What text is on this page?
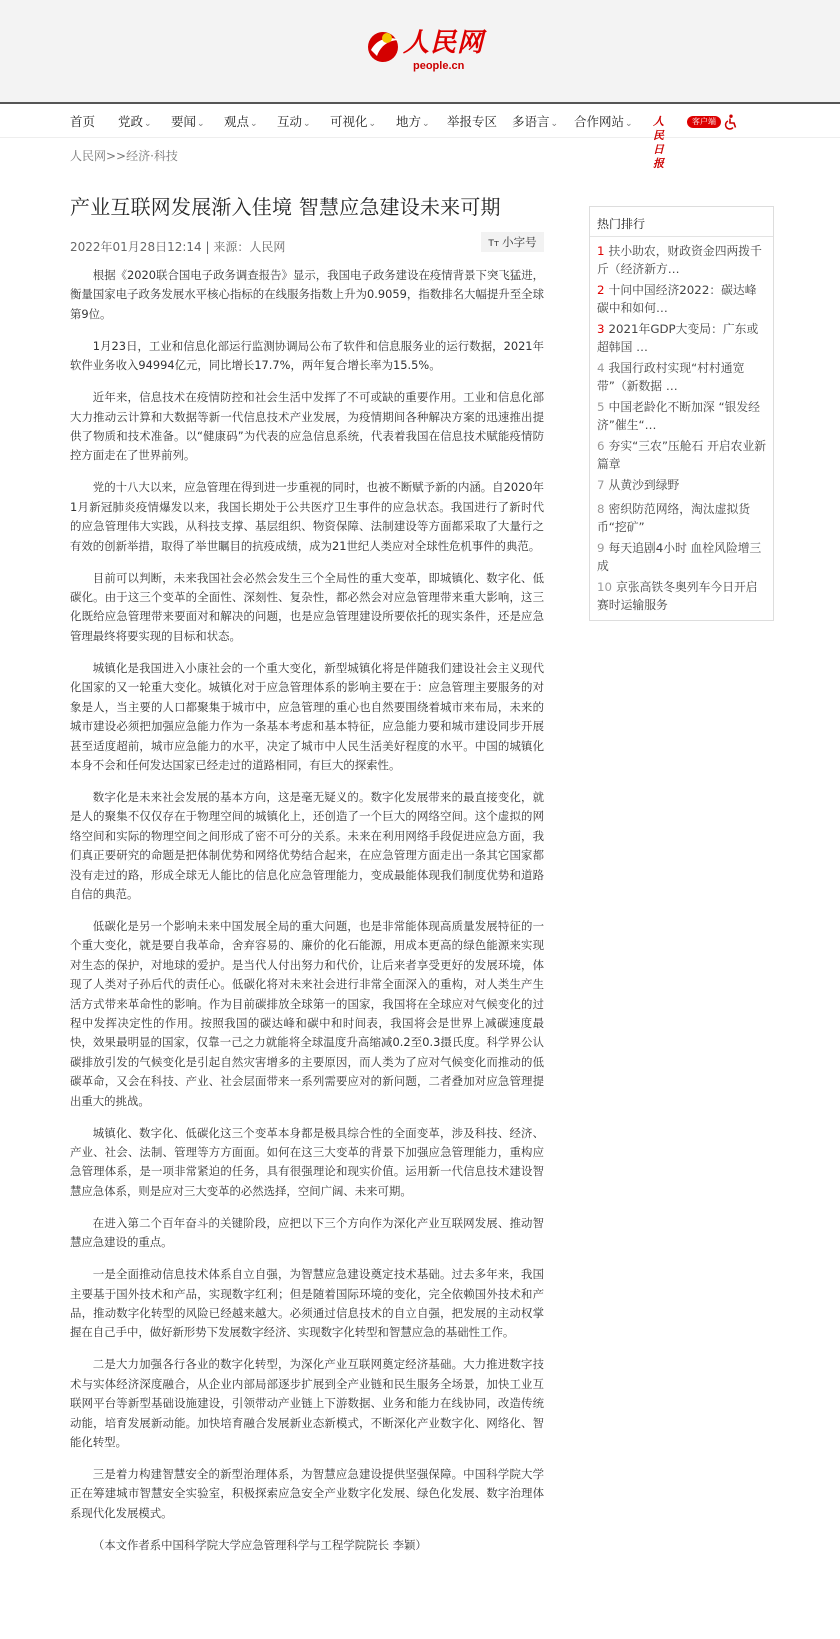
人民网
people.cn
首页 党政⌄ 要闻⌄ 观点⌄ 互动⌄ 可视化⌄ 地方⌄ 举报专区 多语言⌄ 合作网站⌄ 人民日报
客户端
人民网>>经济·科技
产业互联网发展渐入佳境 智慧应急建设未来可期
2022年01月28日12:14 | 来源：人民网	Tт 小字号

根据《2020联合国电子政务调查报告》显示，我国电子政务建设在疫情背景下突飞猛进，衡量国家电子政务发展水平核心指标的在线服务指数上升为0.9059，指数排名大幅提升至全球第9位。

1月23日，工业和信息化部运行监测协调局公布了软件和信息服务业的运行数据，2021年软件业务收入94994亿元，同比增长17.7%，两年复合增长率为15.5%。

近年来，信息技术在疫情防控和社会生活中发挥了不可或缺的重要作用。工业和信息化部大力推动云计算和大数据等新一代信息技术产业发展，为疫情期间各种解决方案的迅速推出提供了物质和技术准备。以“健康码”为代表的应急信息系统，代表着我国在信息技术赋能疫情防控方面走在了世界前列。

党的十八大以来，应急管理在得到进一步重视的同时，也被不断赋予新的内涵。自2020年1月新冠肺炎疫情爆发以来，我国长期处于公共医疗卫生事件的应急状态。我国进行了新时代的应急管理伟大实践，从科技支撑、基层组织、物资保障、法制建设等方面都采取了大量行之有效的创新举措，取得了举世瞩目的抗疫成绩，成为21世纪人类应对全球性危机事件的典范。

目前可以判断，未来我国社会必然会发生三个全局性的重大变革，即城镇化、数字化、低碳化。由于这三个变革的全面性、深刻性、复杂性，都必然会对应急管理带来重大影响，这三化既给应急管理带来要面对和解决的问题，也是应急管理建设所要依托的现实条件，还是应急管理最终将要实现的目标和状态。

城镇化是我国进入小康社会的一个重大变化，新型城镇化将是伴随我们建设社会主义现代化国家的又一轮重大变化。城镇化对于应急管理体系的影响主要在于：应急管理主要服务的对象是人，当主要的人口都聚集于城市中，应急管理的重心也自然要围绕着城市来布局，未来的城市建设必须把加强应急能力作为一条基本考虑和基本特征，应急能力要和城市建设同步开展甚至适度超前，城市应急能力的水平，决定了城市中人民生活美好程度的水平。中国的城镇化本身不会和任何发达国家已经走过的道路相同，有巨大的探索性。

数字化是未来社会发展的基本方向，这是毫无疑义的。数字化发展带来的最直接变化，就是人的聚集不仅仅存在于物理空间的城镇化上，还创造了一个巨大的网络空间。这个虚拟的网络空间和实际的物理空间之间形成了密不可分的关系。未来在利用网络手段促进应急方面，我们真正要研究的命题是把体制优势和网络优势结合起来，在应急管理方面走出一条其它国家都没有走过的路，形成全球无人能比的信息化应急管理能力，变成最能体现我们制度优势和道路自信的典范。

低碳化是另一个影响未来中国发展全局的重大问题，也是非常能体现高质量发展特征的一个重大变化，就是要自我革命，舍弃容易的、廉价的化石能源，用成本更高的绿色能源来实现对生态的保护，对地球的爱护。是当代人付出努力和代价，让后来者享受更好的发展环境，体现了人类对子孙后代的责任心。低碳化将对未来社会进行非常全面深入的重构，对人类生产生活方式带来革命性的影响。作为目前碳排放全球第一的国家，我国将在全球应对气候变化的过程中发挥决定性的作用。按照我国的碳达峰和碳中和时间表，我国将会是世界上减碳速度最快，效果最明显的国家，仅靠一己之力就能将全球温度升高缩减0.2至0.3摄氏度。科学界公认碳排放引发的气候变化是引起自然灾害增多的主要原因，而人类为了应对气候变化而推动的低碳革命，又会在科技、产业、社会层面带来一系列需要应对的新问题，二者叠加对应急管理提出重大的挑战。

城镇化、数字化、低碳化这三个变革本身都是极具综合性的全面变革，涉及科技、经济、产业、社会、法制、管理等方方面面。如何在这三大变革的背景下加强应急管理能力，重构应急管理体系，是一项非常紧迫的任务，具有很强理论和现实价值。运用新一代信息技术建设智慧应急体系，则是应对三大变革的必然选择，空间广阔、未来可期。

在进入第二个百年奋斗的关键阶段，应把以下三个方向作为深化产业互联网发展、推动智慧应急建设的重点。

一是全面推动信息技术体系自立自强，为智慧应急建设奠定技术基础。过去多年来，我国主要基于国外技术和产品，实现数字红利；但是随着国际环境的变化，完全依赖国外技术和产品，推动数字化转型的风险已经越来越大。必须通过信息技术的自立自强，把发展的主动权掌握在自己手中，做好新形势下发展数字经济、实现数字化转型和智慧应急的基础性工作。

二是大力加强各行各业的数字化转型，为深化产业互联网奠定经济基础。大力推进数字技术与实体经济深度融合，从企业内部局部逐步扩展到全产业链和民生服务全场景，加快工业互联网平台等新型基础设施建设，引领带动产业链上下游数据、业务和能力在线协同，改造传统动能，培育发展新动能。加快培育融合发展新业态新模式，不断深化产业数字化、网络化、智能化转型。

三是着力构建智慧安全的新型治理体系，为智慧应急建设提供坚强保障。中国科学院大学正在筹建城市智慧安全实验室，积极探索应急安全产业数字化发展、绿色化发展、数字治理体系现代化发展模式。

（本文作者系中国科学院大学应急管理科学与工程学院院长 李颖）

热门排行
1 扶小助农，财政资金四两拨千斤（经济新方…
2 十问中国经济2022：碳达峰碳中和如何…
3 2021年GDP大变局：广东或超韩国 …
4 我国行政村实现“村村通宽带”（新数据 …
5 中国老龄化不断加深 “银发经济”催生“…
6 夯实“三农”压舱石 开启农业新篇章
7 从黄沙到绿野
8 密织防范网络，淘汰虚拟货币“挖矿”
9 每天追剧4小时 血栓风险增三成
10 京张高铁冬奥列车今日开启赛时运输服务
